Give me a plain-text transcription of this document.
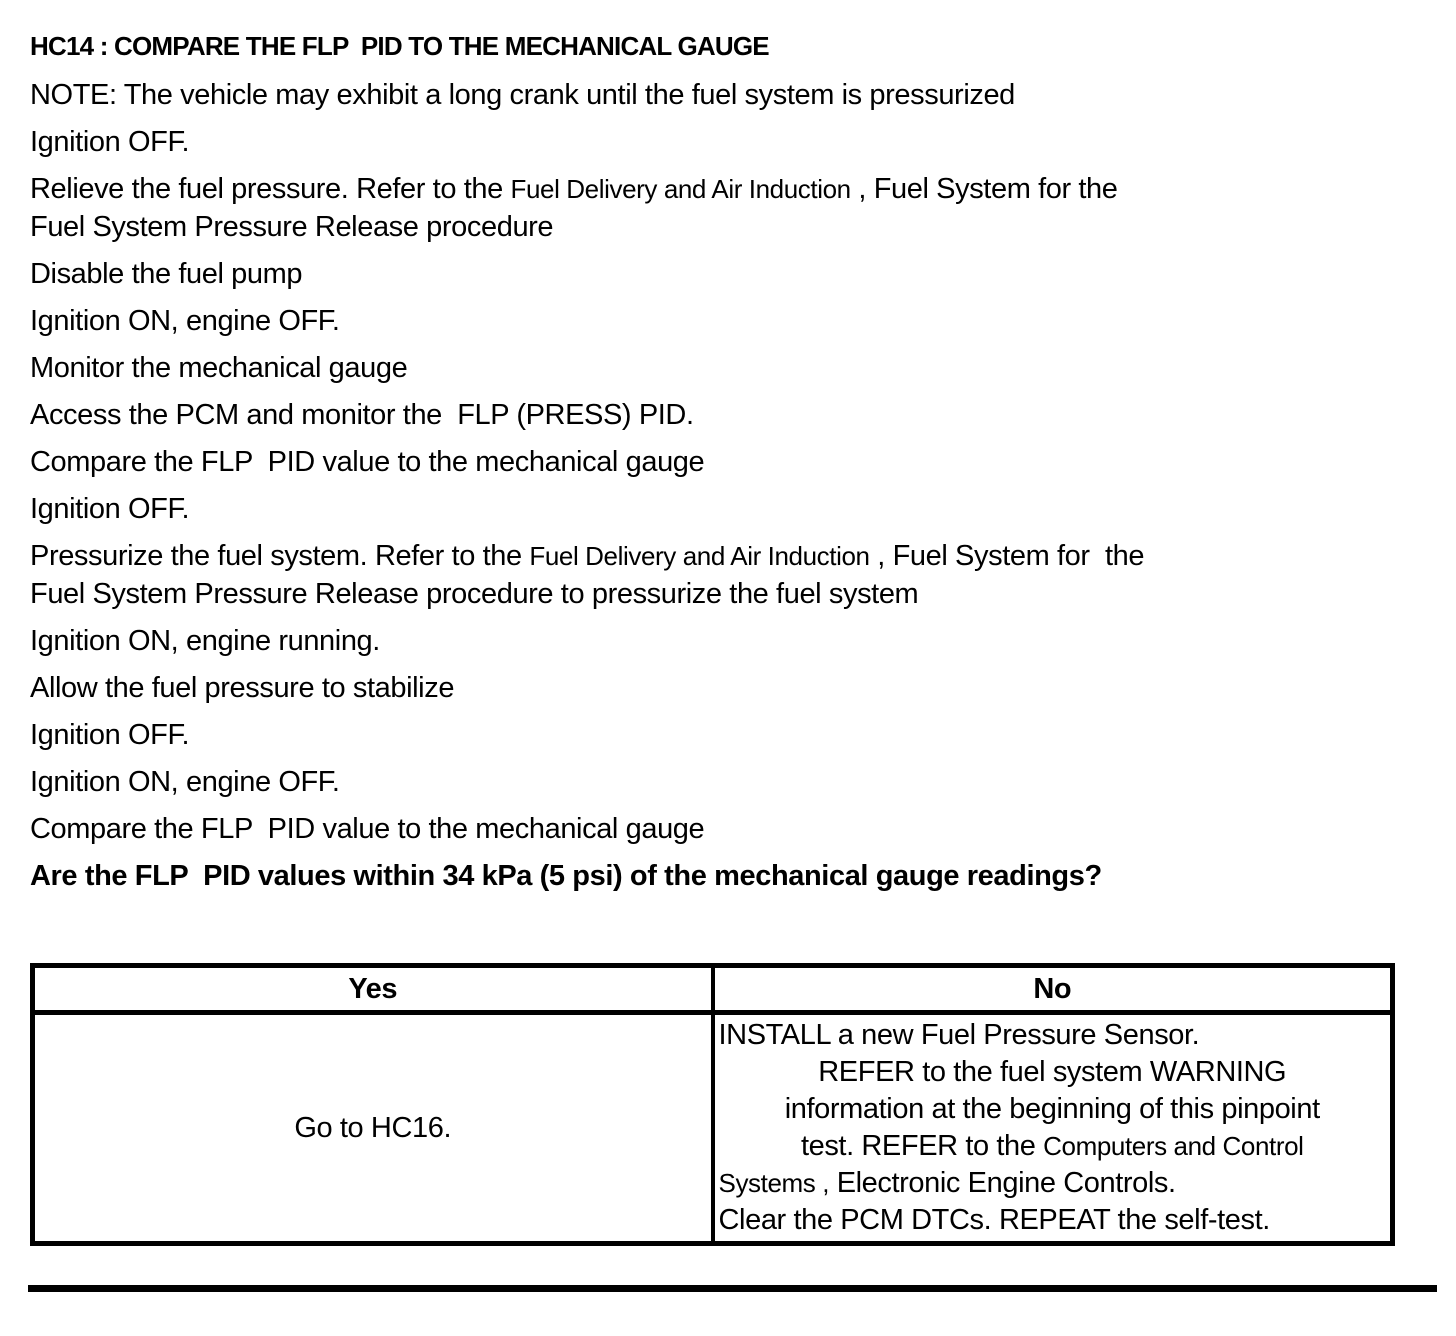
HC14 : COMPARE THE FLP  PID TO THE MECHANICAL GAUGE
NOTE: The vehicle may exhibit a long crank until the fuel system is pressurized
Ignition OFF.
Relieve the fuel pressure. Refer to the Fuel Delivery and Air Induction , Fuel System for the
Fuel System Pressure Release procedure
Disable the fuel pump
Ignition ON, engine OFF.
Monitor the mechanical gauge
Access the PCM and monitor the  FLP (PRESS) PID.
Compare the FLP  PID value to the mechanical gauge
Ignition OFF.
Pressurize the fuel system. Refer to the Fuel Delivery and Air Induction , Fuel System for  the
Fuel System Pressure Release procedure to pressurize the fuel system
Ignition ON, engine running.
Allow the fuel pressure to stabilize
Ignition OFF.
Ignition ON, engine OFF.
Compare the FLP  PID value to the mechanical gauge
Are the FLP  PID values within 34 kPa (5 psi) of the mechanical gauge readings?
Yes	No

Go to HC16.

INSTALL a new Fuel Pressure Sensor.
REFER to the fuel system WARNING
information at the beginning of this pinpoint
test. REFER to the Computers and Control
Systems , Electronic Engine Controls.
Clear the PCM DTCs. REPEAT the self-test.
